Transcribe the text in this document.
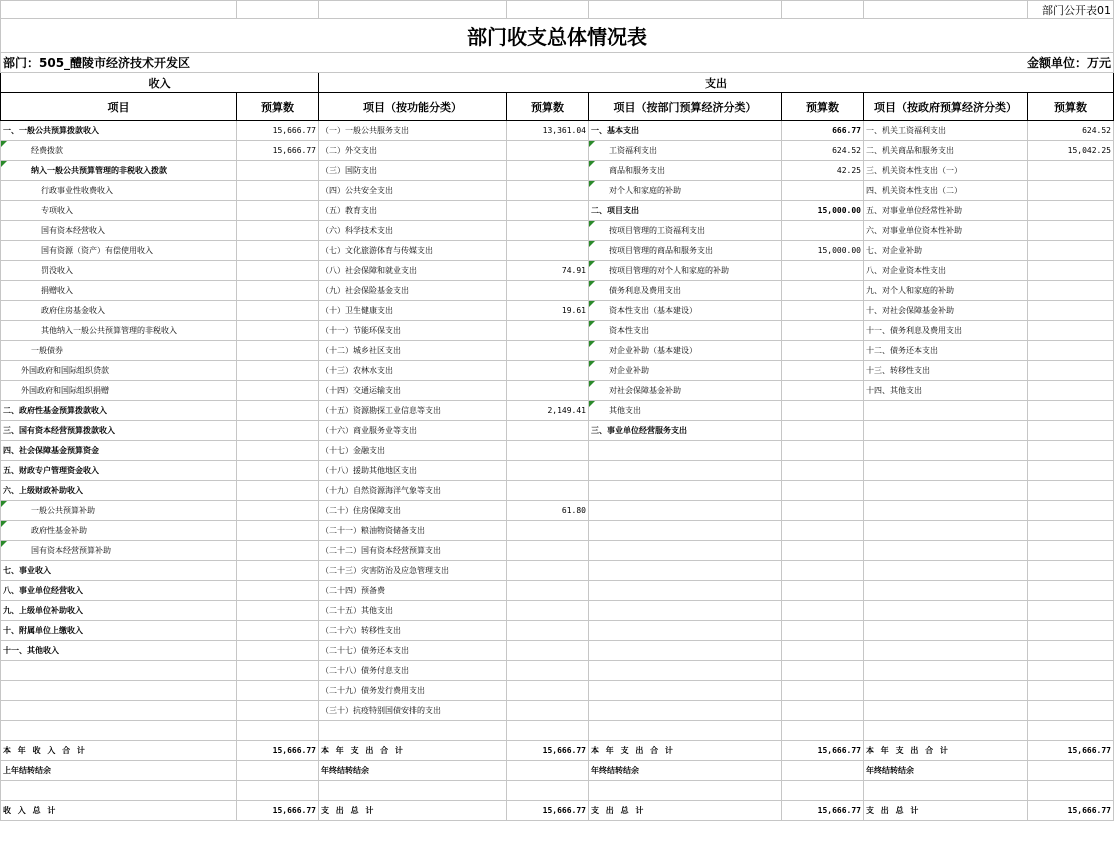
							部门公开表01
部门收支总体情况表							
部门：505_醴陵市经济技术开发区						金额单位：万元	
收入		支出					
项目	预算数	项目（按功能分类）	预算数	项目（按部门预算经济分类）	预算数	项目（按政府预算经济分类）	预算数
一、一般公共预算拨款收入	15,666.77	（一）一般公共服务支出	13,361.04	一、基本支出	666.77	一、机关工资福利支出	624.52
经费拨款	15,666.77	（二）外交支出		工资福利支出	624.52	二、机关商品和服务支出	15,042.25
纳入一般公共预算管理的非税收入拨款		（三）国防支出		商品和服务支出	42.25	三、机关资本性支出（一）	
行政事业性收费收入		（四）公共安全支出		对个人和家庭的补助		四、机关资本性支出（二）	
专项收入		（五）教育支出		二、项目支出	15,000.00	五、对事业单位经常性补助	
国有资本经营收入		（六）科学技术支出		按项目管理的工资福利支出		六、对事业单位资本性补助	
国有资源（资产）有偿使用收入		（七）文化旅游体育与传媒支出		按项目管理的商品和服务支出	15,000.00	七、对企业补助	
罚没收入		（八）社会保障和就业支出	74.91	按项目管理的对个人和家庭的补助		八、对企业资本性支出	
捐赠收入		（九）社会保险基金支出		债务利息及费用支出		九、对个人和家庭的补助	
政府住房基金收入		（十）卫生健康支出	19.61	资本性支出（基本建设）		十、对社会保障基金补助	
其他纳入一般公共预算管理的非税收入		（十一）节能环保支出		资本性支出		十一、债务利息及费用支出	
一般债券		（十二）城乡社区支出		对企业补助（基本建设）		十二、债务还本支出	
外国政府和国际组织贷款		（十三）农林水支出		对企业补助		十三、转移性支出	
外国政府和国际组织捐赠		（十四）交通运输支出		对社会保障基金补助		十四、其他支出	
二、政府性基金预算拨款收入		（十五）资源勘探工业信息等支出	2,149.41	其他支出			
三、国有资本经营预算拨款收入		（十六）商业服务业等支出		三、事业单位经营服务支出			
四、社会保障基金预算资金		（十七）金融支出					
五、财政专户管理资金收入		（十八）援助其他地区支出					
六、上级财政补助收入		（十九）自然资源海洋气象等支出					
一般公共预算补助		（二十）住房保障支出	61.80				
政府性基金补助		（二十一）粮油物资储备支出					
国有资本经营预算补助		（二十二）国有资本经营预算支出					
七、事业收入		（二十三）灾害防治及应急管理支出					
八、事业单位经营收入		（二十四）预备费					
九、上级单位补助收入		（二十五）其他支出					
十、附属单位上缴收入		（二十六）转移性支出					
十一、其他收入		（二十七）债务还本支出					
		（二十八）债务付息支出					
		（二十九）债务发行费用支出					
		（三十）抗疫特别国债安排的支出					

本 年 收 入 合 计	15,666.77	本 年 支 出 合 计	15,666.77	本 年 支 出 合 计	15,666.77	本 年 支 出 合 计	15,666.77
上年结转结余		年终结转结余		年终结转结余		年终结转结余	

收 入 总 计	15,666.77	支 出 总 计	15,666.77	支 出 总 计	15,666.77	支 出 总 计	15,666.77
